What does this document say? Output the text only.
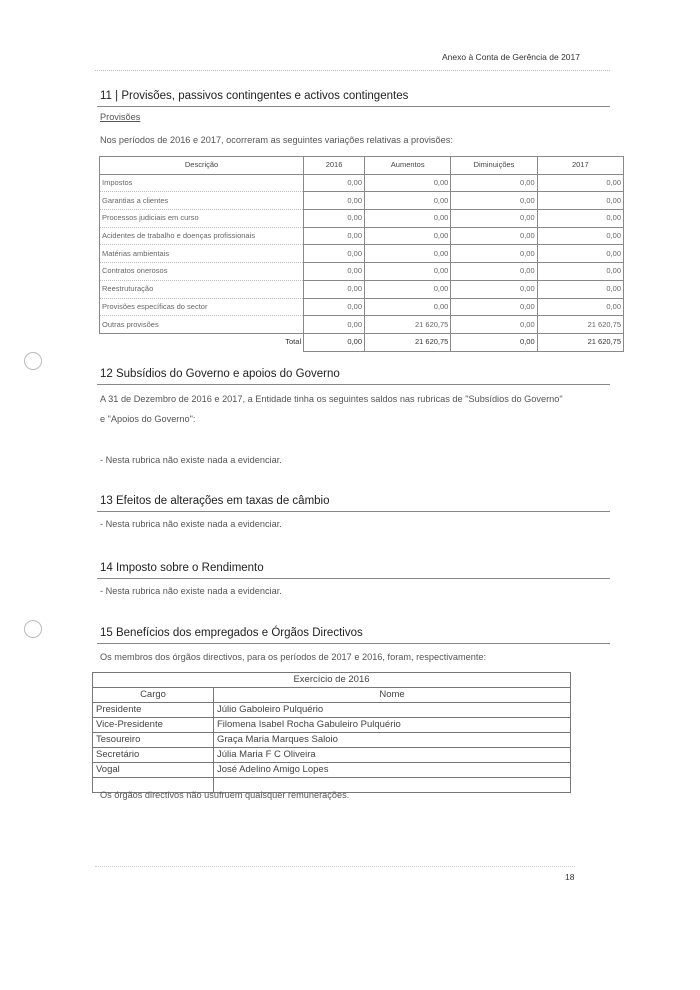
Anexo à Conta de Gerência de 2017
11 | Provisões, passivos contingentes e activos contingentes
Provisões
Nos períodos de 2016 e 2017, ocorreram as seguintes variações relativas a provisões:
Descrição	2016	Aumentos	Diminuições	2017
Impostos	0,00	0,00	0,00	0,00
Garantias a clientes	0,00	0,00	0,00	0,00
Processos judiciais em curso	0,00	0,00	0,00	0,00
Acidentes de trabalho e doenças profissionais	0,00	0,00	0,00	0,00
Matérias ambientais	0,00	0,00	0,00	0,00
Contratos onerosos	0,00	0,00	0,00	0,00
Reestruturação	0,00	0,00	0,00	0,00
Provisões específicas do sector	0,00	0,00	0,00	0,00
Outras provisões	0,00	21 620,75	0,00	21 620,75
Total	0,00	21 620,75	0,00	21 620,75
12 Subsídios do Governo e apoios do Governo
A 31 de Dezembro de 2016 e 2017, a Entidade tinha os seguintes saldos nas rubricas de "Subsídios do Governo"
e "Apoios do Governo":
- Nesta rubrica não existe nada a evidenciar.
13 Efeitos de alterações em taxas de câmbio
- Nesta rubrica não existe nada a evidenciar.
14 Imposto sobre o Rendimento
- Nesta rubrica não existe nada a evidenciar.
15 Benefícios dos empregados e Órgãos Directivos
Os membros dos órgãos directivos, para os períodos de 2017 e 2016, foram, respectivamente:
Exercício de 2016	
Cargo	Nome
Presidente	Júlio Gaboleiro Pulquério
Vice-Presidente	Filomena Isabel Rocha Gabuleiro Pulquério
Tesoureiro	Graça Maria Marques Saloio
Secretário	Júlia Maria F C Oliveira
Vogal	José Adelino Amigo Lopes

Os órgãos directivos não usufruem quaisquer remunerações.
18
